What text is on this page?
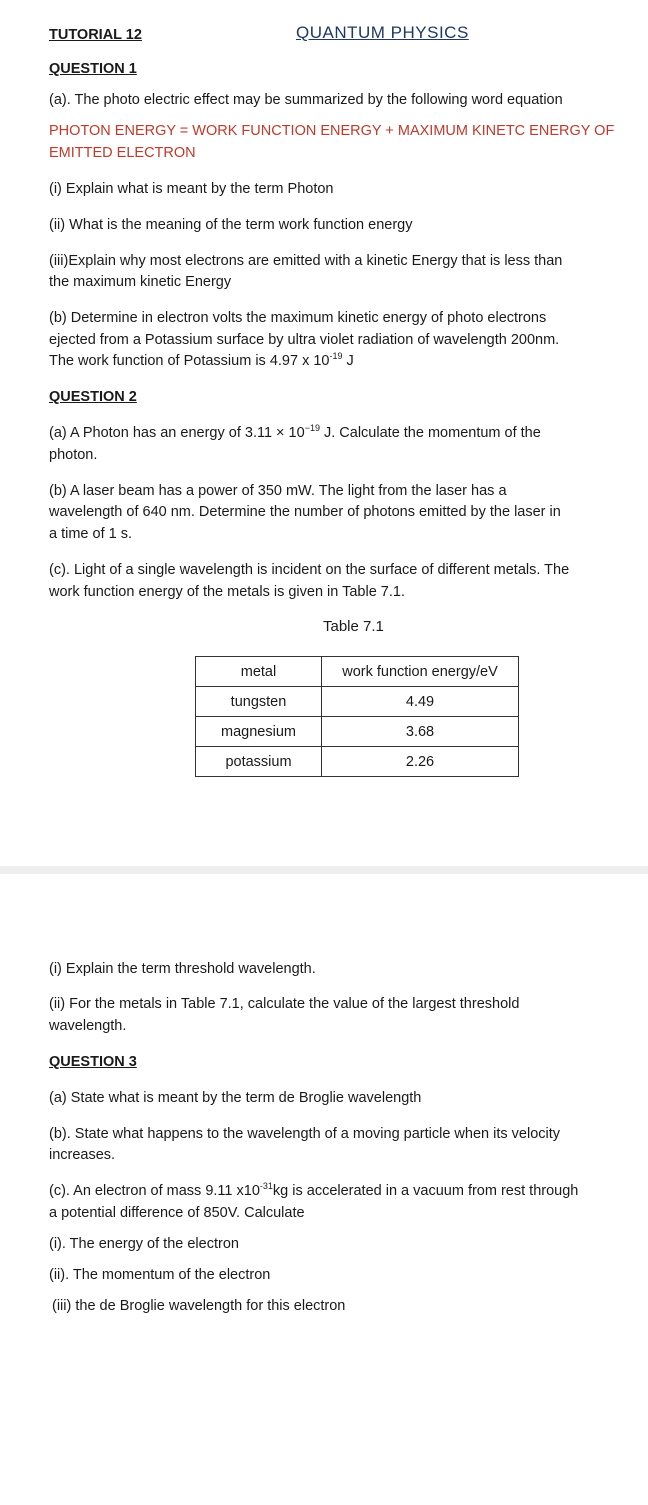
TUTORIAL 12	QUANTUM PHYSICS
QUESTION 1
(a). The photo electric effect may be summarized by the following word equation
PHOTON ENERGY = WORK FUNCTION ENERGY + MAXIMUM KINETC ENERGY OF
EMITTED ELECTRON
(i) Explain what is meant by the term Photon
(ii) What is the meaning of the term work function energy
(iii)Explain why most electrons are emitted with a kinetic Energy that is less than
the maximum kinetic Energy
(b) Determine in electron volts the maximum kinetic energy of photo electrons
ejected from a Potassium surface by ultra violet radiation of wavelength 200nm.
The work function of Potassium is 4.97 x $10^{-19}$ J
QUESTION 2
(a) A Photon has an energy of $3.11 \times 10^{-19}$ J. Calculate the momentum of the
photon.
(b) A laser beam has a power of 350 mW. The light from the laser has a
wavelength of 640 nm. Determine the number of photons emitted by the laser in
a time of 1 s.
(c). Light of a single wavelength is incident on the surface of different metals. The
work function energy of the metals is given in Table 7.1.
Table 7.1
metal	work function energy/eV
tungsten	4.49
magnesium	3.68
potassium	2.26
(i) Explain the term threshold wavelength.
(ii) For the metals in Table 7.1, calculate the value of the largest threshold
wavelength.
QUESTION 3
(a) State what is meant by the term de Broglie wavelength
(b). State what happens to the wavelength of a moving particle when its velocity
increases.
(c). An electron of mass 9.11 $x10^{-31}kg$ is accelerated in a vacuum from rest through
a potential difference of 850V. Calculate
(i). The energy of the electron
(ii). The momentum of the electron
(iii) the de Broglie wavelength for this electron
